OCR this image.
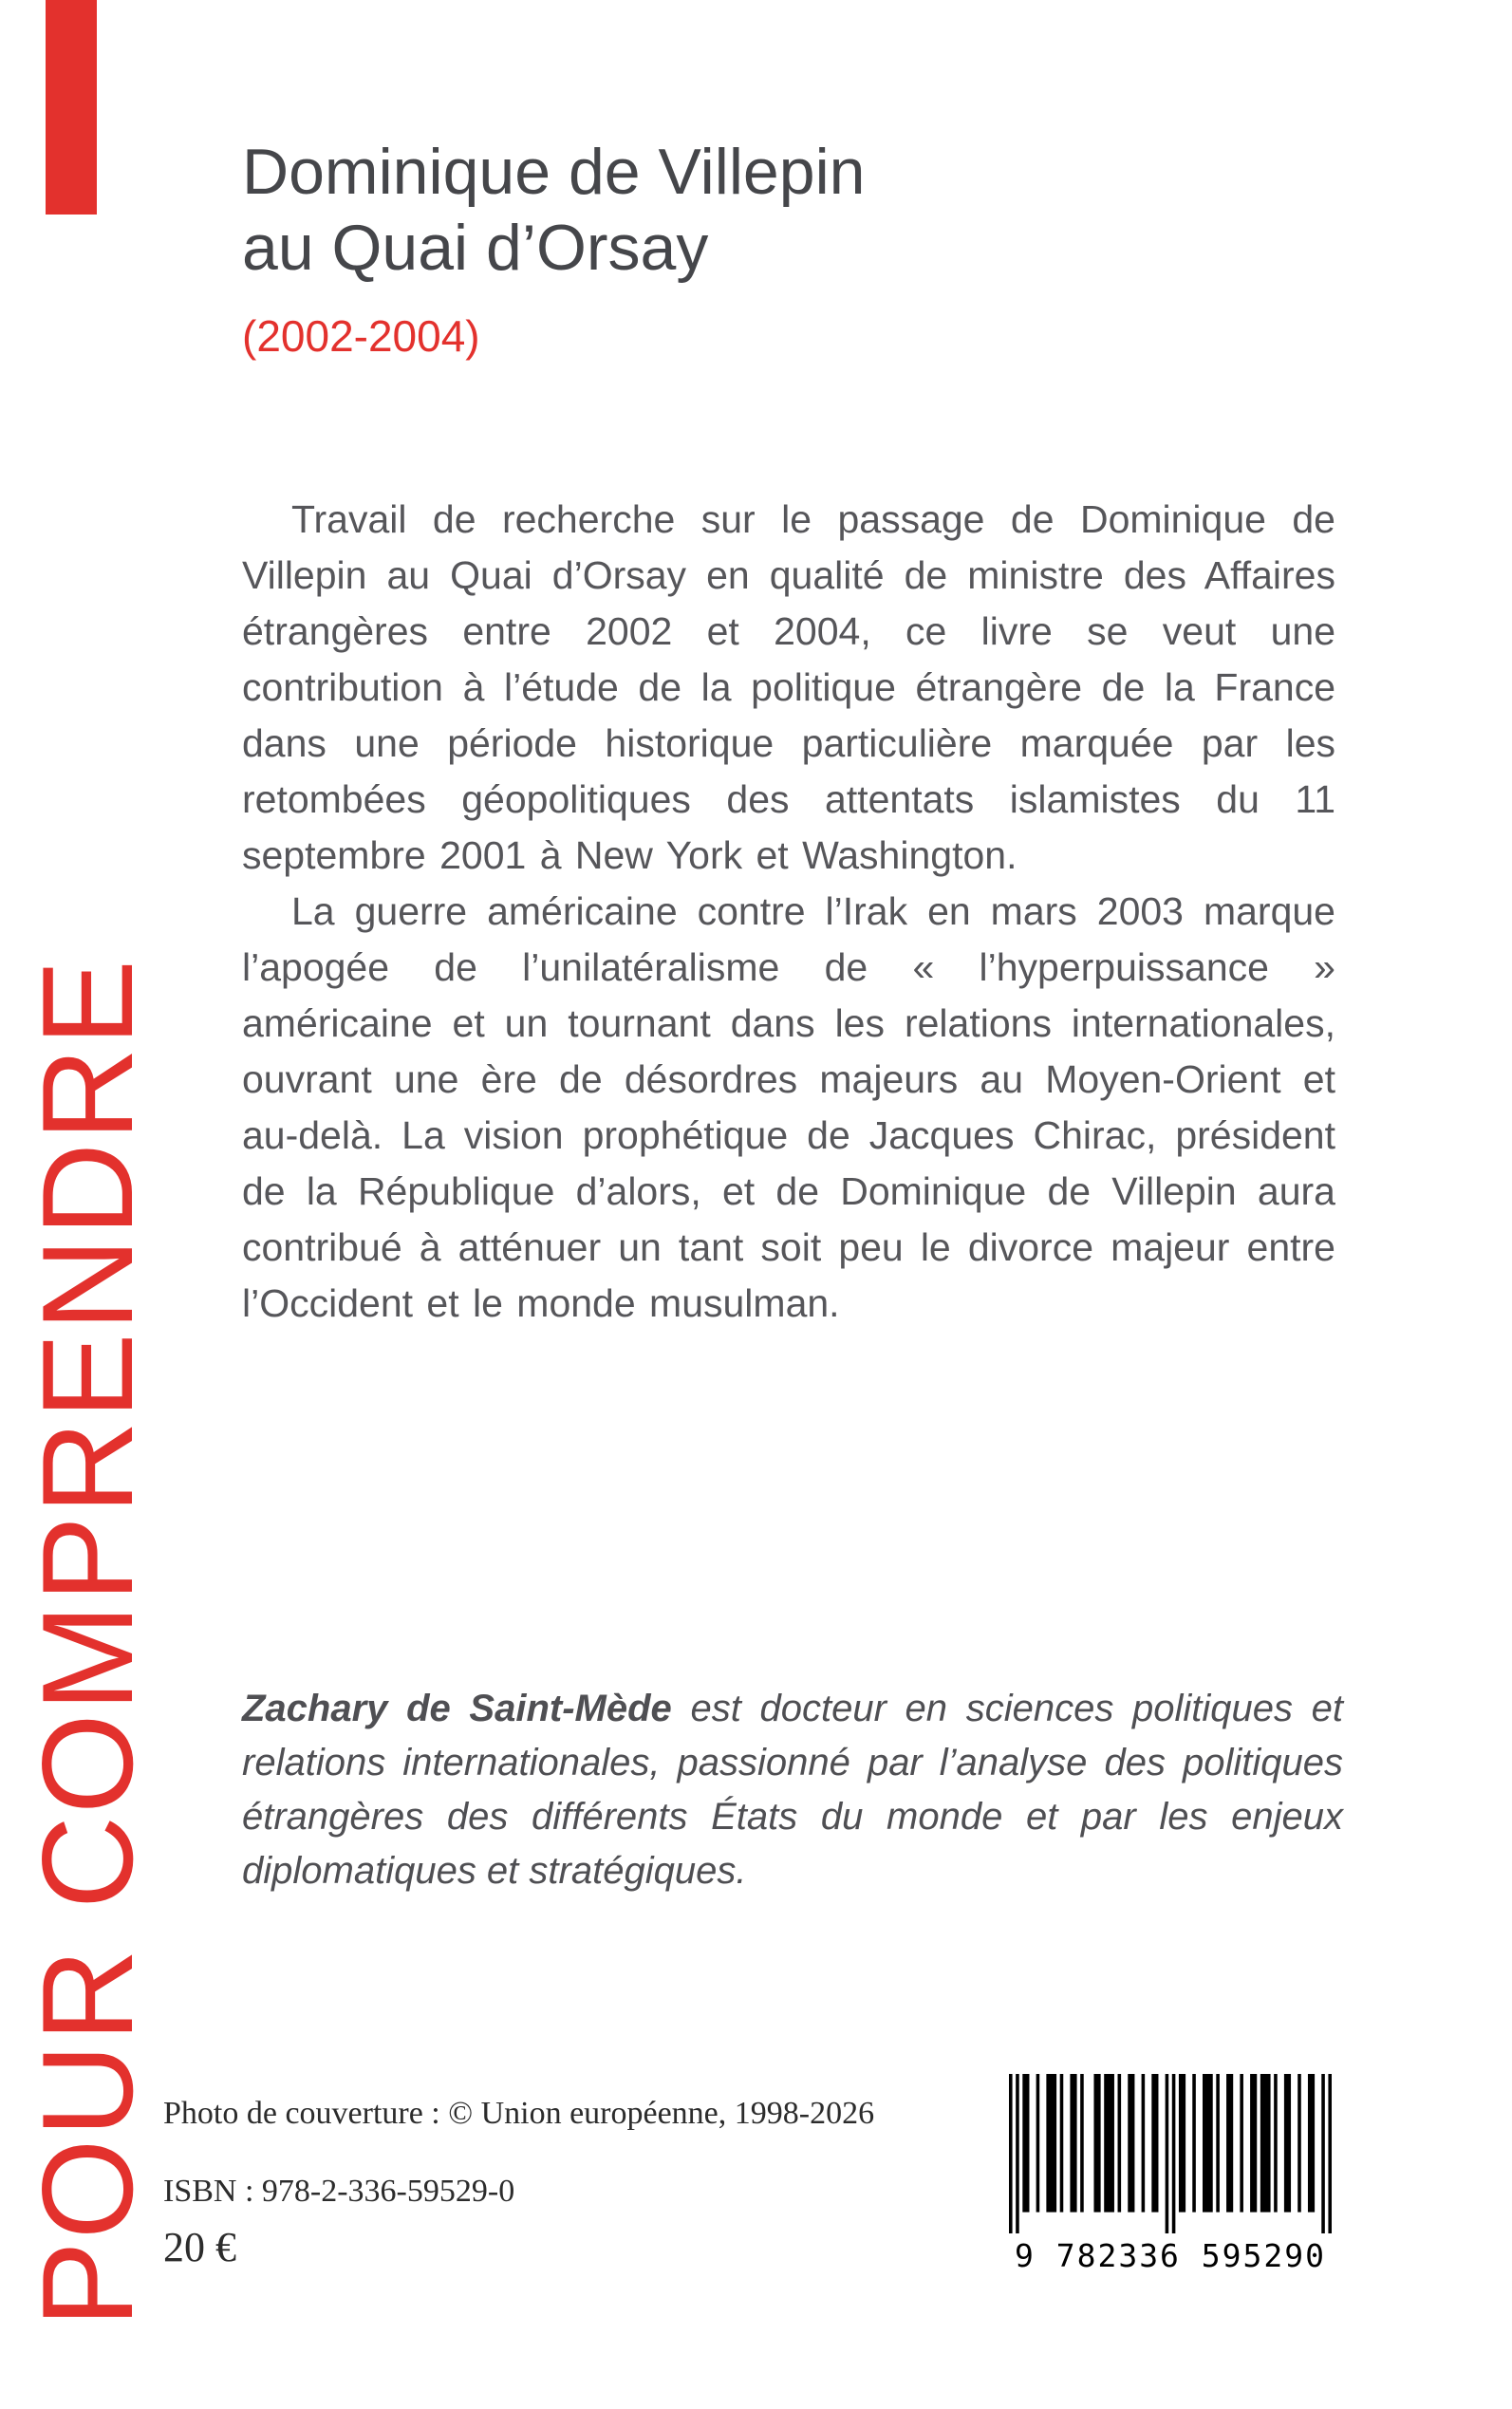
POUR COMPRENDRE
Dominique de Villepin
au Quai d’Orsay
(2002-2004)

Travail de recherche sur le passage de Dominique de Villepin au Quai d’Orsay en qualité de ministre des Affaires étrangères entre 2002 et 2004, ce livre se veut une contribution à l’étude de la politique étrangère de la France dans une période historique particulière marquée par les retombées géopolitiques des attentats islamistes du 11 septembre 2001 à New York et Washington.

La guerre américaine contre l’Irak en mars 2003 marque l’apogée de l’unilatéralisme de « l’hyperpuissance » américaine et un tournant dans les relations internationales, ouvrant une ère de désordres majeurs au Moyen-Orient et au-delà. La vision prophétique de Jacques Chirac, président de la République d’alors, et de Dominique de Villepin aura contribué à atténuer un tant soit peu le divorce majeur entre l’Occident et le monde musulman.

Zachary de Saint-Mède est docteur en sciences politiques et relations internationales, passionné par l’analyse des politiques étrangères des différents États du monde et par les enjeux diplomatiques et stratégiques.

Photo de couverture : © Union européenne, 1998-2026
ISBN : 978-2-336-59529-0
20 €	9 782336 595290
